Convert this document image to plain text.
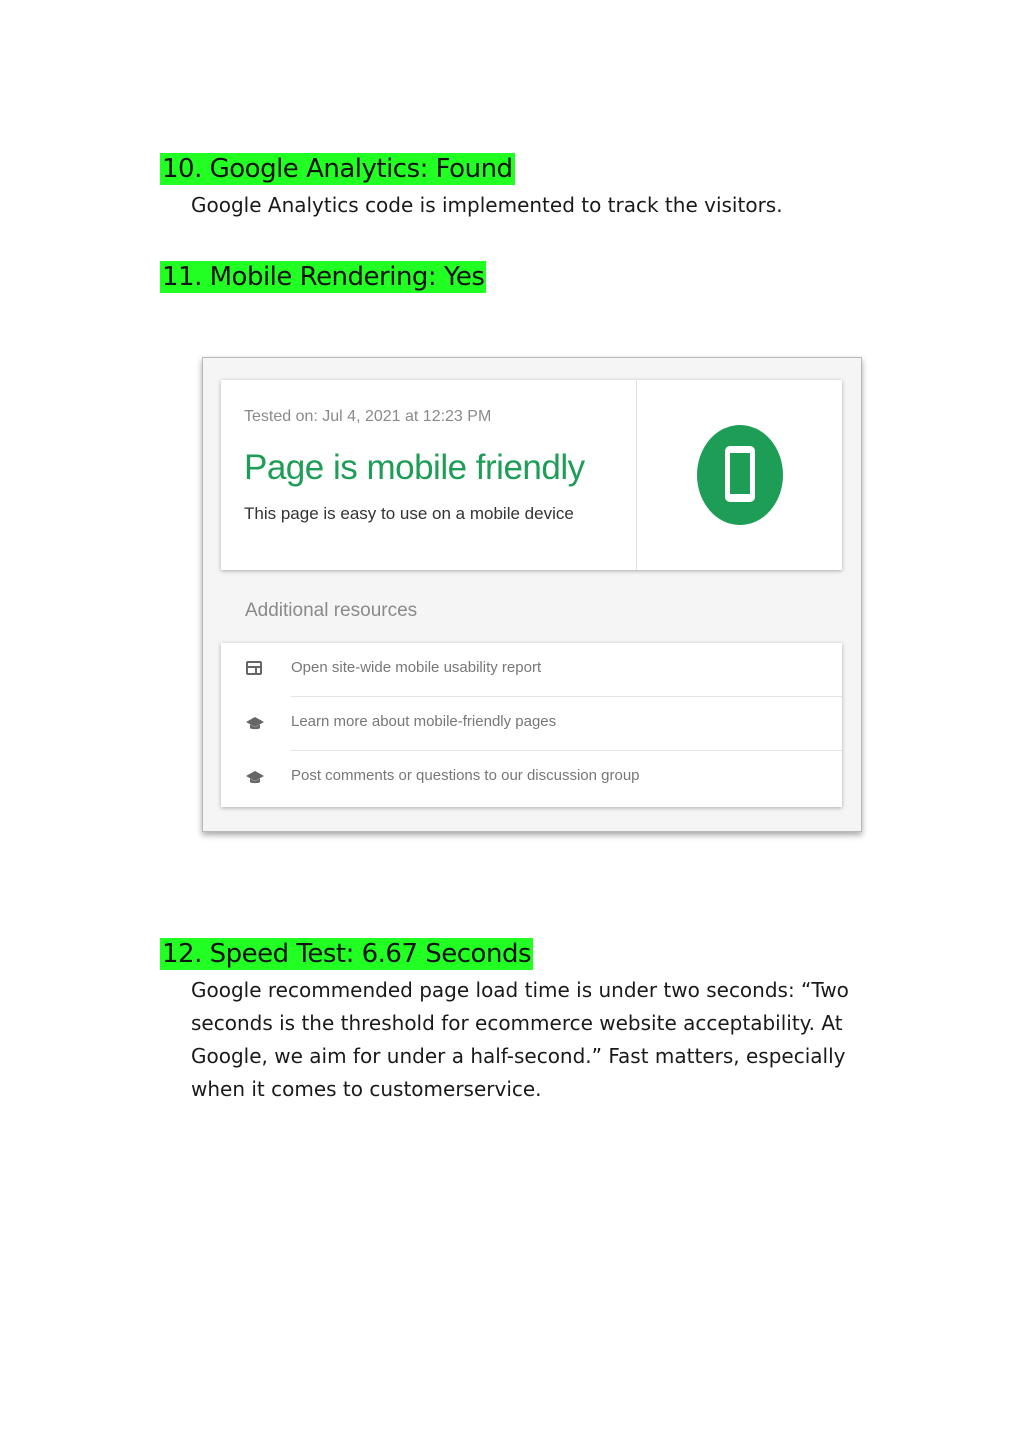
10. Google Analytics: Found
Google Analytics code is implemented to track the visitors.
11. Mobile Rendering: Yes
Tested on: Jul 4, 2021 at 12:23 PM
Page is mobile friendly
This page is easy to use on a mobile device
Additional resources
Open site-wide mobile usability report
Learn more about mobile-friendly pages
Post comments or questions to our discussion group
12. Speed Test: 6.67 Seconds
Google recommended page load time is under two seconds: “Two seconds is the threshold for ecommerce website acceptability. At Google, we aim for under a half-second.” Fast matters, especially when it comes to customerservice.
